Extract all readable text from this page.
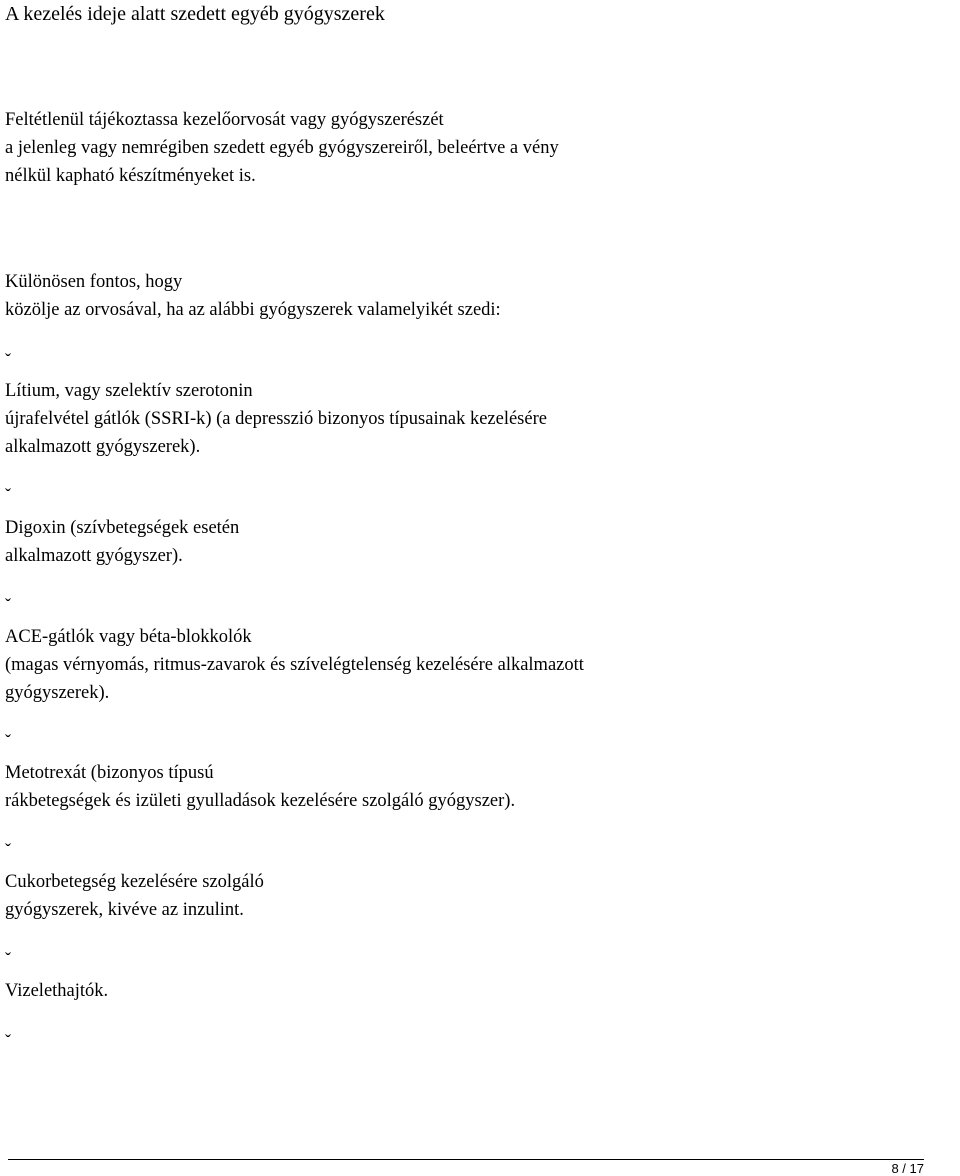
A kezelés ideje alatt szedett egyéb gyógyszerek
Feltétlenül tájékoztassa kezelőorvosát vagy gyógyszerészét
a jelenleg vagy nemrégiben szedett egyéb gyógyszereiről, beleértve a vény
nélkül kapható készítményeket is.
Különösen fontos, hogy
közölje az orvosával, ha az alábbi gyógyszerek valamelyikét szedi:
ˇ
Lítium, vagy szelektív szerotonin
újrafelvétel gátlók (SSRI-k) (a depresszió bizonyos típusainak kezelésére
alkalmazott gyógyszerek).
ˇ
Digoxin (szívbetegségek esetén
alkalmazott gyógyszer).
ˇ
ACE-gátlók vagy béta-blokkolók
(magas vérnyomás, ritmus-zavarok és szívelégtelenség kezelésére alkalmazott
gyógyszerek).
ˇ
Metotrexát (bizonyos típusú
rákbetegségek és izületi gyulladások kezelésére szolgáló gyógyszer).
ˇ
Cukorbetegség kezelésére szolgáló
gyógyszerek, kivéve az inzulint.
ˇ
Vizelethajtók.
ˇ
8 / 17
